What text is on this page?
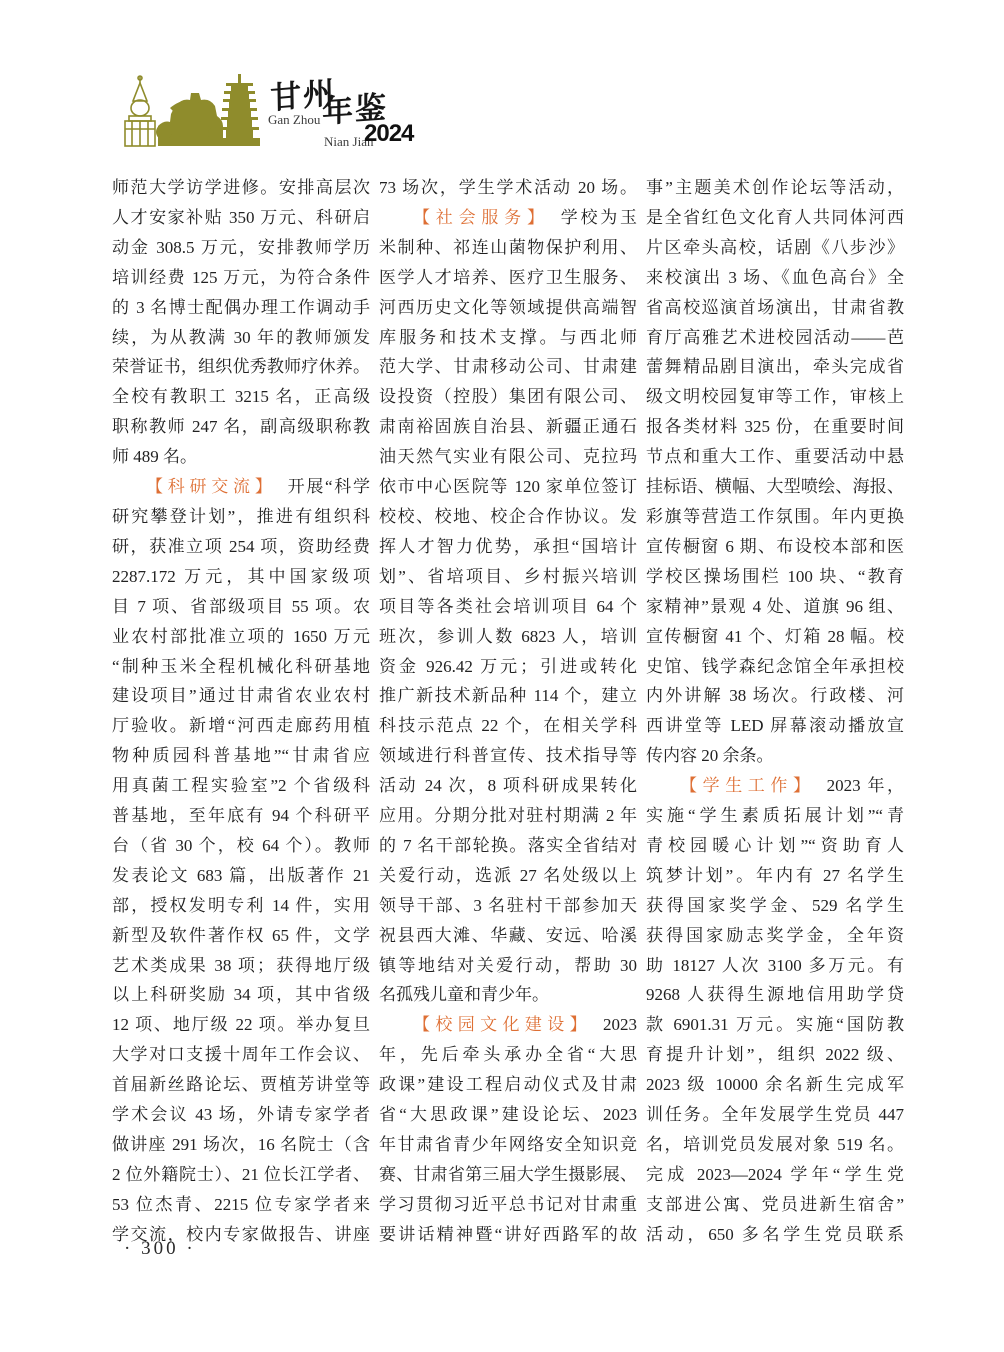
甘州
年鉴
Gan Zhou
Nian Jian
2024
师范大学访学进修。安排高层次
人才安家补贴 350 万元、科研启
动金 308.5 万元，安排教师学历
培训经费 125 万元，为符合条件
的 3 名博士配偶办理工作调动手
续，为从教满 30 年的教师颁发
荣誉证书，组织优秀教师疗休养。
全校有教职工 3215 名，正高级
职称教师 247 名，副高级职称教
师 489 名。
【科研交流】 开展“科学
研究攀登计划”，推进有组织科
研，获准立项 254 项，资助经费
2287.172 万元，其中国家级项
目 7 项、省部级项目 55 项。农
业农村部批准立项的 1650 万元
“制种玉米全程机械化科研基地
建设项目”通过甘肃省农业农村
厅验收。新增“河西走廊药用植
物种质园科普基地”“甘肃省应
用真菌工程实验室”2 个省级科
普基地，至年底有 94 个科研平
台（省 30 个，校 64 个）。教师
发表论文 683 篇，出版著作 21
部，授权发明专利 14 件，实用
新型及软件著作权 65 件，文学
艺术类成果 38 项；获得地厅级
以上科研奖励 34 项，其中省级
12 项、地厅级 22 项。举办复旦
大学对口支援十周年工作会议、
首届新丝路论坛、贾植芳讲堂等
学术会议 43 场，外请专家学者
做讲座 291 场次，16 名院士（含
2 位外籍院士）、21 位长江学者、
53 位杰青、2215 位专家学者来
学交流，校内专家做报告、讲座
73 场次，学生学术活动 20 场。
【社会服务】 学校为玉
米制种、祁连山菌物保护利用、
医学人才培养、医疗卫生服务、
河西历史文化等领域提供高端智
库服务和技术支撑。与西北师
范大学、甘肃移动公司、甘肃建
设投资（控股）集团有限公司、
肃南裕固族自治县、新疆正通石
油天然气实业有限公司、克拉玛
依市中心医院等 120 家单位签订
校校、校地、校企合作协议。发
挥人才智力优势，承担“国培计
划”、省培项目、乡村振兴培训
项目等各类社会培训项目 64 个
班次，参训人数 6823 人，培训
资金 926.42 万元；引进或转化
推广新技术新品种 114 个，建立
科技示范点 22 个，在相关学科
领域进行科普宣传、技术指导等
活动 24 次，8 项科研成果转化
应用。分期分批对驻村期满 2 年
的 7 名干部轮换。落实全省结对
关爱行动，选派 27 名处级以上
领导干部、3 名驻村干部参加天
祝县西大滩、华藏、安远、哈溪
镇等地结对关爱行动，帮助 30
名孤残儿童和青少年。
【校园文化建设】 2023
年，先后牵头承办全省“大思
政课”建设工程启动仪式及甘肃
省“大思政课”建设论坛、2023
年甘肃省青少年网络安全知识竞
赛、甘肃省第三届大学生摄影展、
学习贯彻习近平总书记对甘肃重
要讲话精神暨“讲好西路军的故
事”主题美术创作论坛等活动，
是全省红色文化育人共同体河西
片区牵头高校，话剧《八步沙》
来校演出 3 场、《血色高台》全
省高校巡演首场演出，甘肃省教
育厅高雅艺术进校园活动——芭
蕾舞精品剧目演出，牵头完成省
级文明校园复审等工作，审核上
报各类材料 325 份，在重要时间
节点和重大工作、重要活动中悬
挂标语、横幅、大型喷绘、海报、
彩旗等营造工作氛围。年内更换
宣传橱窗 6 期、布设校本部和医
学校区操场围栏 100 块、“教育
家精神”景观 4 处、道旗 96 组、
宣传橱窗 41 个、灯箱 28 幅。校
史馆、钱学森纪念馆全年承担校
内外讲解 38 场次。行政楼、河
西讲堂等 LED 屏幕滚动播放宣
传内容 20 余条。
【学生工作】 2023 年，
实施“学生素质拓展计划”“青
青校园暖心计划”“资助育人
筑梦计划”。年内有 27 名学生
获得国家奖学金、529 名学生
获得国家励志奖学金，全年资
助 18127 人次 3100 多万元。有
9268 人获得生源地信用助学贷
款 6901.31 万元。实施“国防教
育提升计划”，组织 2022 级、
2023 级 10000 余名新生完成军
训任务。全年发展学生党员 447
名，培训党员发展对象 519 名。
完成 2023—2024 学年“学生党
支部进公寓、党员进新生宿舍”
活动，650 多名学生党员联系
· 300 ·
